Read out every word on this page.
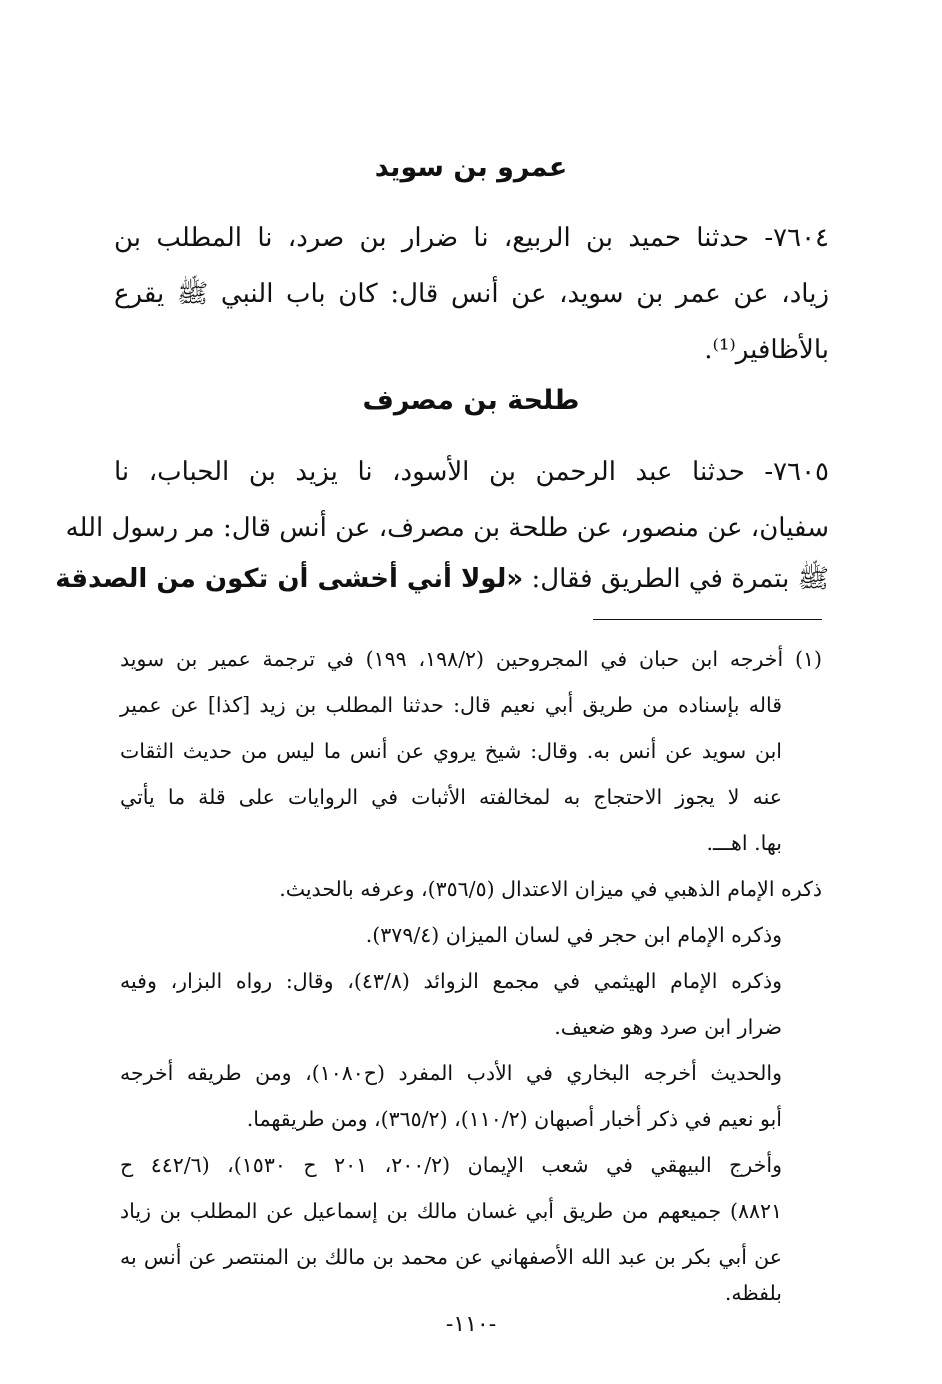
عمرو بن سويد
٧٦٠٤- حدثنا حميد بن الربيع، نا ضرار بن صرد، نا المطلب بن
زياد، عن عمر بن سويد، عن أنس قال: كان باب النبي ﷺ يقرع
بالأظافير⁽¹⁾.
طلحة بن مصرف
٧٦٠٥- حدثنا عبد الرحمن بن الأسود، نا يزيد بن الحباب، نا
سفيان، عن منصور، عن طلحة بن مصرف، عن أنس قال: مر رسول الله
ﷺ بتمرة في الطريق فقال: «لولا أني أخشى أن تكون من الصدقة
(١) أخرجه ابن حبان في المجروحين (١٩٨/٢، ١٩٩) في ترجمة عمير بن سويد
قاله بإسناده من طريق أبي نعيم قال: حدثنا المطلب بن زيد [كذا] عن عمير
ابن سويد عن أنس به. وقال: شيخ يروي عن أنس ما ليس من حديث الثقات
عنه لا يجوز الاحتجاج به لمخالفته الأثبات في الروايات على قلة ما يأتي
بها. اهـــ.
ذكره الإمام الذهبي في ميزان الاعتدال (٣٥٦/٥)، وعرفه بالحديث.
وذكره الإمام ابن حجر في لسان الميزان (٣٧٩/٤).
وذكره الإمام الهيثمي في مجمع الزوائد (٤٣/٨)، وقال: رواه البزار، وفيه
ضرار ابن صرد وهو ضعيف.
والحديث أخرجه البخاري في الأدب المفرد (ح١٠٨٠)، ومن طريقه أخرجه
أبو نعيم في ذكر أخبار أصبهان (١١٠/٢)، (٣٦٥/٢)، ومن طريقهما.
وأخرج البيهقي في شعب الإيمان (٢٠٠/٢، ٢٠١ ح ١٥٣٠)، (٤٤٢/٦ ح
٨٨٢١) جميعهم من طريق أبي غسان مالك بن إسماعيل عن المطلب بن زياد
عن أبي بكر بن عبد الله الأصفهاني عن محمد بن مالك بن المنتصر عن أنس به
بلفظه.
-١١٠-
